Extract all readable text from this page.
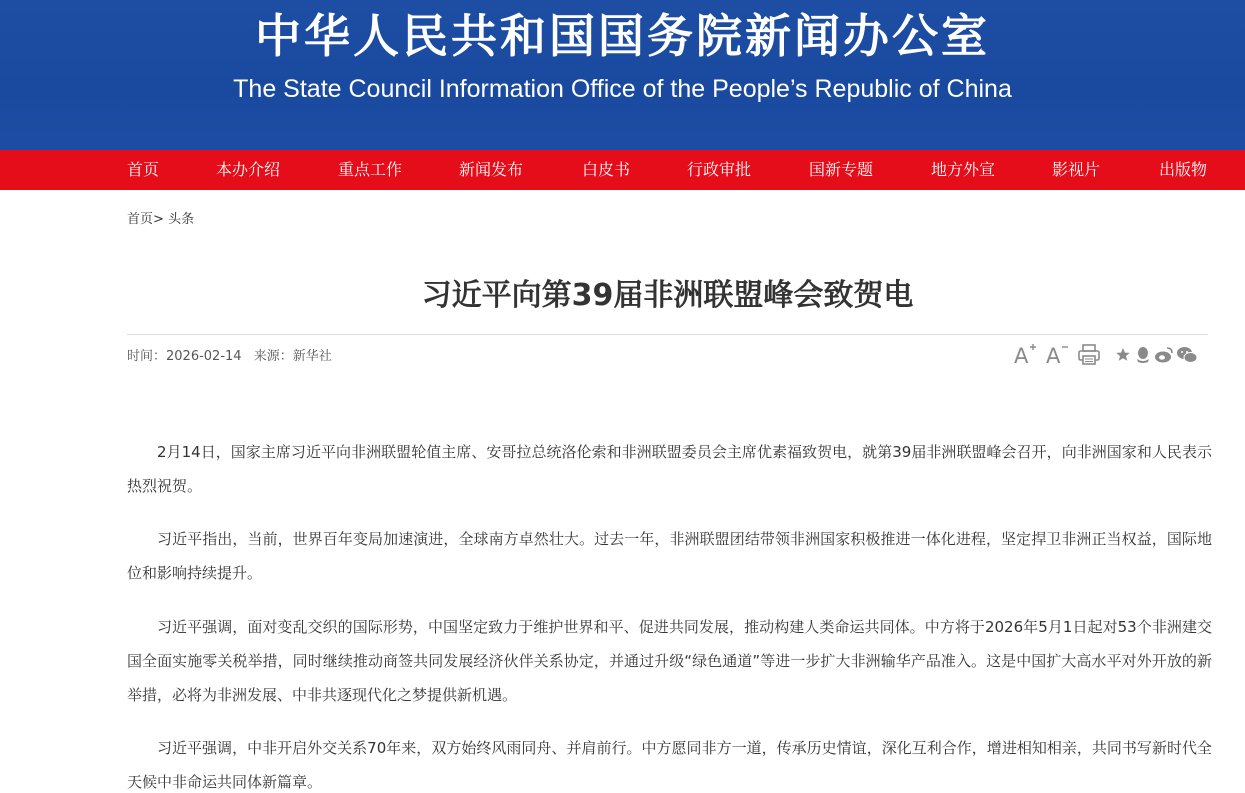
中华人民共和国国务院新闻办公室
The State Council Information Office of the People’s Republic of China
首页	本办介绍	重点工作	新闻发布	白皮书	行政审批	国新专题	地方外宣	影视片	出版物
首页> 头条
习近平向第39届非洲联盟峰会致贺电
时间：2026-02-14 来源：新华社	A A
2月14日，国家主席习近平向非洲联盟轮值主席、安哥拉总统洛伦索和非洲联盟委员会主席优素福致贺电，就第39届非洲联盟峰会召开，向非洲国家和人民表示热烈祝贺。
习近平指出，当前，世界百年变局加速演进，全球南方卓然壮大。过去一年，非洲联盟团结带领非洲国家积极推进一体化进程，坚定捍卫非洲正当权益，国际地位和影响持续提升。
习近平强调，面对变乱交织的国际形势，中国坚定致力于维护世界和平、促进共同发展，推动构建人类命运共同体。中方将于2026年5月1日起对53个非洲建交国全面实施零关税举措，同时继续推动商签共同发展经济伙伴关系协定，并通过升级“绿色通道”等进一步扩大非洲输华产品准入。这是中国扩大高水平对外开放的新举措，必将为非洲发展、中非共逐现代化之梦提供新机遇。
习近平强调，中非开启外交关系70年来，双方始终风雨同舟、并肩前行。中方愿同非方一道，传承历史情谊，深化互利合作，增进相知相亲，共同书写新时代全天候中非命运共同体新篇章。
